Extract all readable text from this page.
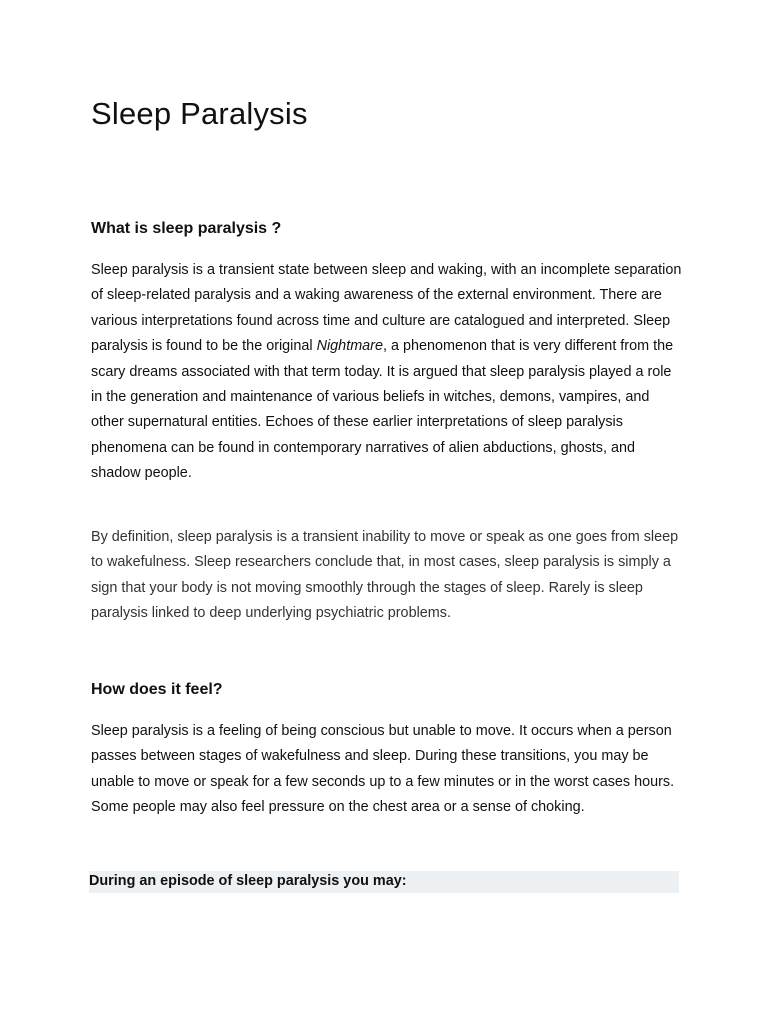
Sleep Paralysis
What is sleep paralysis ?

Sleep paralysis is a transient state between sleep and waking, with an incomplete separation of sleep-related paralysis and a waking awareness of the external environment. There are various interpretations found across time and culture are catalogued and interpreted. Sleep paralysis is found to be the original Nightmare, a phenomenon that is very different from the scary dreams associated with that term today. It is argued that sleep paralysis played a role in the generation and maintenance of various beliefs in witches, demons, vampires, and other supernatural entities. Echoes of these earlier interpretations of sleep paralysis phenomena can be found in contemporary narratives of alien abductions, ghosts, and shadow people.

By definition, sleep paralysis is a transient inability to move or speak as one goes from sleep to wakefulness. Sleep researchers conclude that, in most cases, sleep paralysis is simply a sign that your body is not moving smoothly through the stages of sleep. Rarely is sleep paralysis linked to deep underlying psychiatric problems.

How does it feel?

Sleep paralysis is a feeling of being conscious but unable to move. It occurs when a person passes between stages of wakefulness and sleep. During these transitions, you may be unable to move or speak for a few seconds up to a few minutes or in the worst cases hours. Some people may also feel pressure on the chest area or a sense of choking.

During an episode of sleep paralysis you may:
